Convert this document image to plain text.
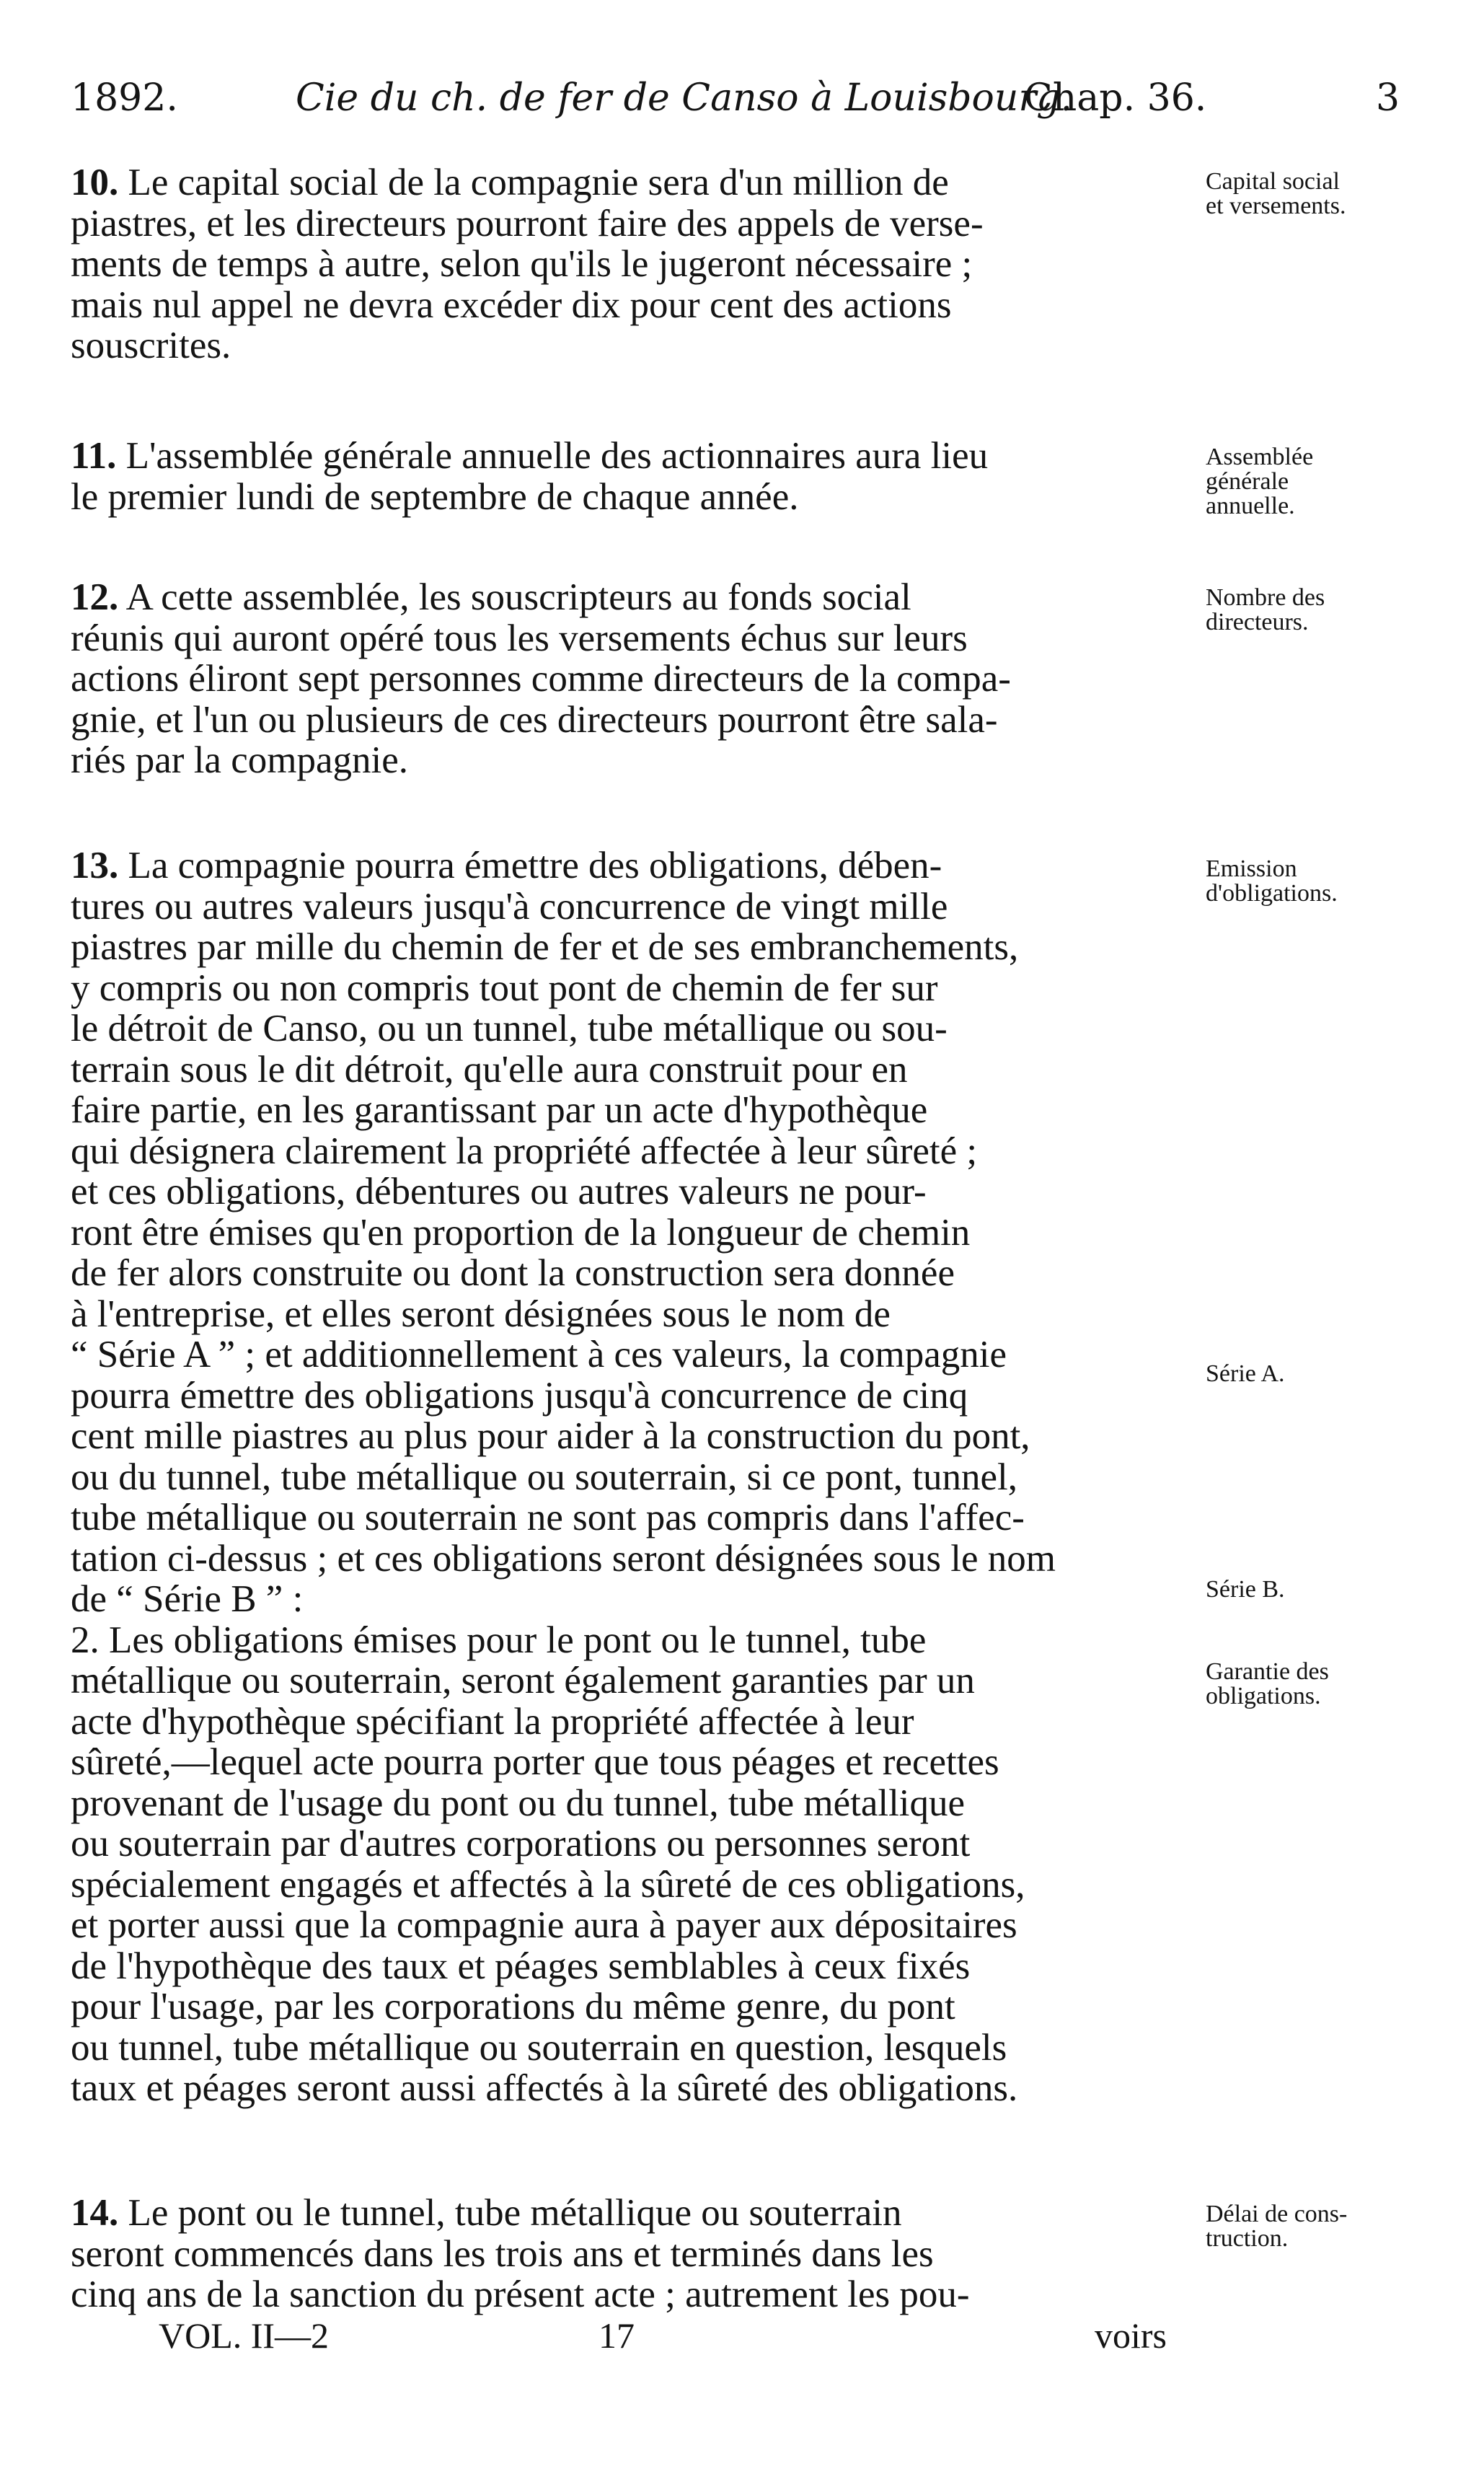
1892.	Cie du ch. de fer de Canso à Louisbourg.
Chap. 36.	3
10. Le capital social de la compagnie sera d'un million de
piastres, et les directeurs pourront faire des appels de verse-
ments de temps à autre, selon qu'ils le jugeront nécessaire ;
mais nul appel ne devra excéder dix pour cent des actions
souscrites.
11. L'assemblée générale annuelle des actionnaires aura lieu
le premier lundi de septembre de chaque année.
12. A cette assemblée, les souscripteurs au fonds social
réunis qui auront opéré tous les versements échus sur leurs
actions éliront sept personnes comme directeurs de la compa-
gnie, et l'un ou plusieurs de ces directeurs pourront être sala-
riés par la compagnie.
13. La compagnie pourra émettre des obligations, dében-
tures ou autres valeurs jusqu'à concurrence de vingt mille
piastres par mille du chemin de fer et de ses embranchements,
y compris ou non compris tout pont de chemin de fer sur
le détroit de Canso, ou un tunnel, tube métallique ou sou-
terrain sous le dit détroit, qu'elle aura construit pour en
faire partie, en les garantissant par un acte d'hypothèque
qui désignera clairement la propriété affectée à leur sûreté ;
et ces obligations, débentures ou autres valeurs ne pour-
ront être émises qu'en proportion de la longueur de chemin
de fer alors construite ou dont la construction sera donnée
à l'entreprise, et elles seront désignées sous le nom de
“ Série A ” ; et additionnellement à ces valeurs, la compagnie
pourra émettre des obligations jusqu'à concurrence de cinq
cent mille piastres au plus pour aider à la construction du pont,
ou du tunnel, tube métallique ou souterrain, si ce pont, tunnel,
tube métallique ou souterrain ne sont pas compris dans l'affec-
tation ci-dessus ; et ces obligations seront désignées sous le nom
de “ Série B ” :
2. Les obligations émises pour le pont ou le tunnel, tube
métallique ou souterrain, seront également garanties par un
acte d'hypothèque spécifiant la propriété affectée à leur
sûreté,—lequel acte pourra porter que tous péages et recettes
provenant de l'usage du pont ou du tunnel, tube métallique
ou souterrain par d'autres corporations ou personnes seront
spécialement engagés et affectés à la sûreté de ces obligations,
et porter aussi que la compagnie aura à payer aux dépositaires
de l'hypothèque des taux et péages semblables à ceux fixés
pour l'usage, par les corporations du même genre, du pont
ou tunnel, tube métallique ou souterrain en question, lesquels
taux et péages seront aussi affectés à la sûreté des obligations.
14. Le pont ou le tunnel, tube métallique ou souterrain
seront commencés dans les trois ans et terminés dans les
cinq ans de la sanction du présent acte ; autrement les pou-
Capital social
et versements.
Assemblée
générale
annuelle.
Nombre des
directeurs.
Emission
d'obligations.
Série A.
Série B.
Garantie des
obligations.
Délai de cons-
truction.
VOL. II—2	17	voirs
